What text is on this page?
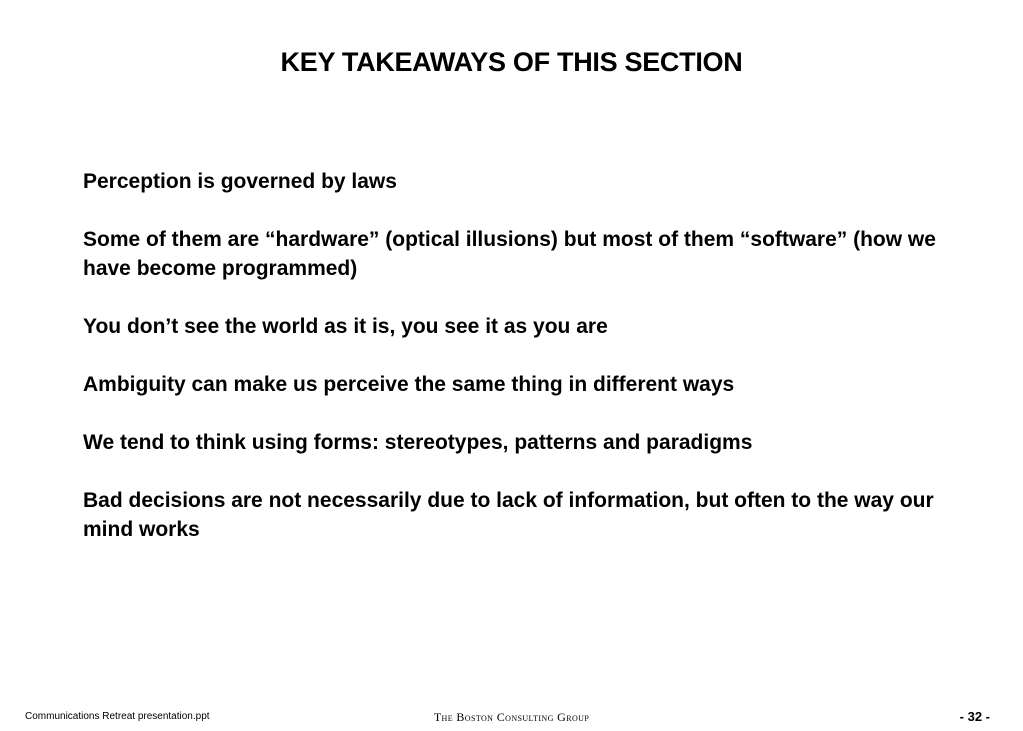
KEY TAKEAWAYS OF THIS SECTION
Perception is governed by laws
Some of them are “hardware” (optical illusions) but most of them “software” (how we have become programmed)
You don’t see the world as it is, you see it as you are
Ambiguity can make us perceive the same thing in different ways
We tend to think using forms: stereotypes, patterns and paradigms
Bad decisions are not necessarily due to lack of information, but often to the way our mind works
Communications Retreat presentation.ppt	The Boston Consulting Group	- 32 -
